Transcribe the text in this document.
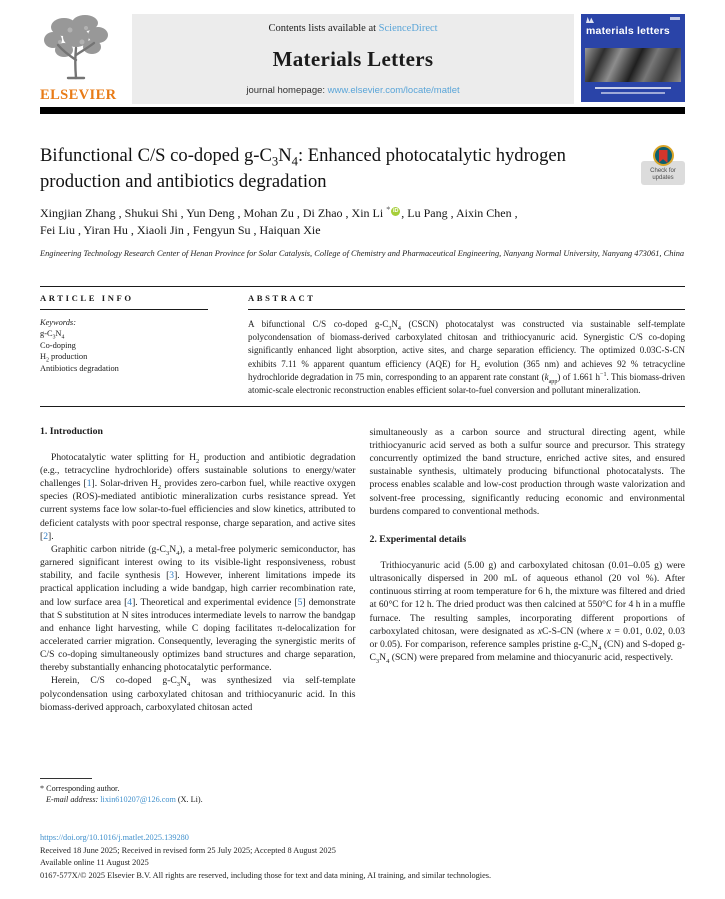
ELSEVIER
Contents lists available at ScienceDirect
Materials Letters
journal homepage: www.elsevier.com/locate/matlet
materials letters
Bifunctional C/S co-doped $g-C_3N_4$: Enhanced photocatalytic hydrogen production and antibiotics degradation	Check for
updates
Xingjian Zhang , Shukui Shi , Yun Deng , Mohan Zu , Di Zhao , Xin Li * iD , Lu Pang , Aixin Chen ,
Fei Liu , Yiran Hu , Xiaoli Jin , Fengyun Su , Haiquan Xie
Engineering Technology Research Center of Henan Province for Solar Catalysis, College of Chemistry and Pharmaceutical Engineering, Nanyang Normal University, Nanyang 473061, China
ARTICLE INFO
Keywords:
$g-C_3N_4$
Co-doping
$H_2$ production
Antibiotics degradation
ABSTRACT
A bifunctional C/S co-doped $g-C_3N_4$ (CSCN) photocatalyst was constructed via sustainable self-template polycondensation of biomass-derived carboxylated chitosan and trithiocyanuric acid. Synergistic C/S co-doping significantly enhanced light absorption, active sites, and charge separation efficiency. The optimized 0.03C-S-CN exhibits 7.11 % apparent quantum efficiency (AQE) for $H_2$ evolution (365 nm) and achieves 92 % tetracycline hydrochloride degradation in 75 min, corresponding to an apparent rate constant $(k_{app})$ of 1.661 $h^{-1}$. This biomass-driven atomic-scale electronic reconstruction enables efficient solar-to-fuel conversion and pollutant mineralization.
1. Introduction

Photocatalytic water splitting for $H_2$ production and antibiotic degradation (e.g., tetracycline hydrochloride) offers sustainable solutions to energy/water challenges [1]. Solar-driven $H_2$ provides zero-carbon fuel, while reactive oxygen species (ROS)-mediated antibiotic mineralization curbs resistance spread. Yet current systems face low solar-to-fuel efficiencies and slow kinetics, attributed to deficient catalysts with poor spectral response, charge separation, and active sites [2].

Graphitic carbon nitride $(g-C_3N_4)$, a metal-free polymeric semiconductor, has garnered significant interest owing to its visible-light responsiveness, robust stability, and facile synthesis [3]. However, inherent limitations impede its practical application including a wide bandgap, high carrier recombination rate, and low surface area [4]. Theoretical and experimental evidence [5] demonstrate that S substitution at N sites introduces intermediate levels to narrow the bandgap and enhance light harvesting, while C doping facilitates π-delocalization for accelerated carrier migration. Consequently, leveraging the synergistic merits of C/S co-doping simultaneously optimizes band structures and charge separation, thereby substantially enhancing photocatalytic performance.

Herein, C/S co-doped $g-C_3N_4$ was synthesized via self-template polycondensation using carboxylated chitosan and trithiocyanuric acid. In this biomass-derived approach, carboxylated chitosan acted

simultaneously as a carbon source and structural directing agent, while trithiocyanuric acid served as both a sulfur source and precursor. This strategy concurrently optimized the band structure, enriched active sites, and ensured sustainable synthesis, ultimately producing bifunctional photocatalysts. The process enables scalable and low-cost production through waste valorization and solvent-free processing, significantly reducing economic and environmental burdens compared to conventional methods.

2. Experimental details

Trithiocyanuric acid (5.00 g) and carboxylated chitosan (0.01–0.05 g) were ultrasonically dispersed in 200 mL of aqueous ethanol (20 vol %). After continuous stirring at room temperature for 6 h, the mixture was filtered and dried at 60°C for 12 h. The dried product was then calcined at 550°C for 4 h in a muffle furnace. The resulting samples, incorporating different proportions of carboxylated chitosan, were designated as xC-S-CN (where x = 0.01, 0.02, 0.03 or 0.05). For comparison, reference samples pristine $g-C_3N_4$ (CN) and S-doped $g-C_3N_4$ (SCN) were prepared from melamine and thiocyanuric acid, respectively.

* Corresponding author.
E-mail address: lixin610207@126.com (X. Li).
https://doi.org/10.1016/j.matlet.2025.139280
Received 18 June 2025; Received in revised form 25 July 2025; Accepted 8 August 2025
Available online 11 August 2025
0167-577X/© 2025 Elsevier B.V. All rights are reserved, including those for text and data mining, AI training, and similar technologies.
